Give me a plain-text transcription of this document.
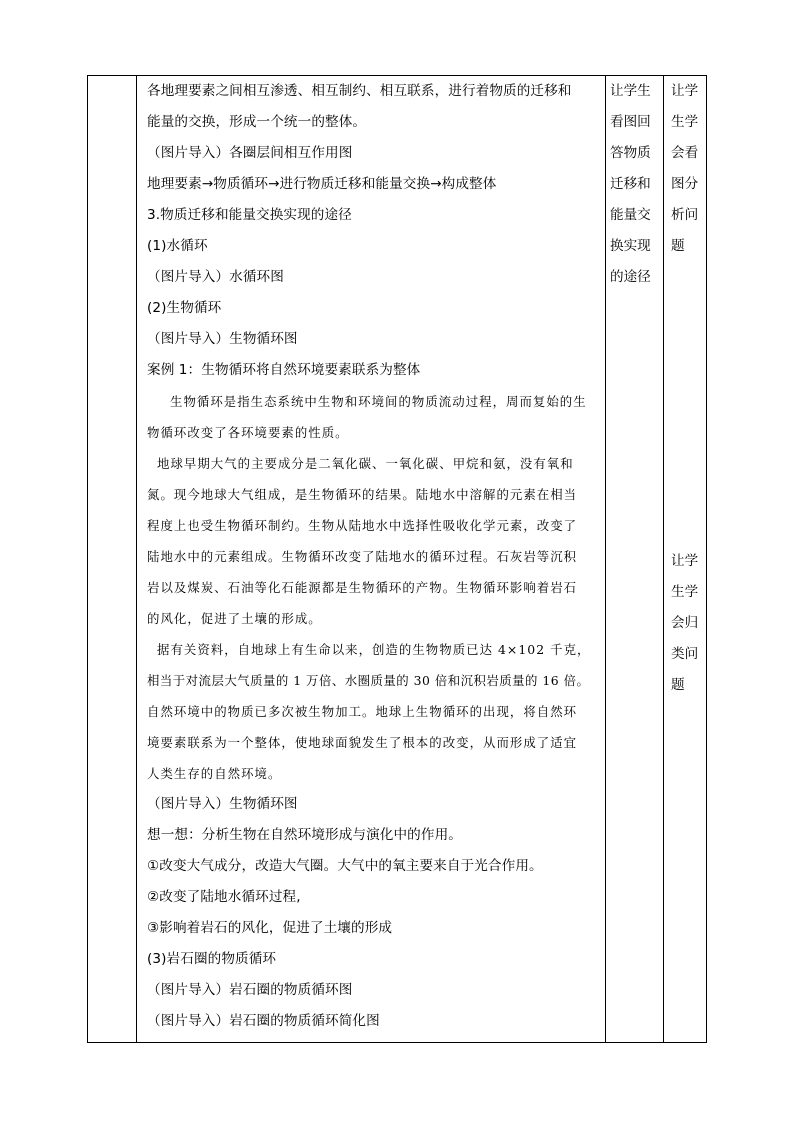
各地理要素之间相互渗透、相互制约、相互联系，进行着物质的迁移和
能量的交换，形成一个统一的整体。
（图片导入）各圈层间相互作用图
地理要素→物质循环→进行物质迁移和能量交换→构成整体
3.物质迁移和能量交换实现的途径
(1)水循环
（图片导入）水循环图
(2)生物循环
（图片导入）生物循环图
案例 1：生物循环将自然环境要素联系为整体
生物循环是指生态系统中生物和环境间的物质流动过程，周而复始的生
物循环改变了各环境要素的性质。
地球早期大气的主要成分是二氧化碳、一氧化碳、甲烷和氨，没有氧和
氮。现今地球大气组成，是生物循环的结果。陆地水中溶解的元素在相当
程度上也受生物循环制约。生物从陆地水中选择性吸收化学元素，改变了
陆地水中的元素组成。生物循环改变了陆地水的循环过程。石灰岩等沉积
岩以及煤炭、石油等化石能源都是生物循环的产物。生物循环影响着岩石
的风化，促进了土壤的形成。
据有关资料，自地球上有生命以来，创造的生物物质已达 4×102 千克，
相当于对流层大气质量的 1 万倍、水圈质量的 30 倍和沉积岩质量的 16 倍。
自然环境中的物质已多次被生物加工。地球上生物循环的出现，将自然环
境要素联系为一个整体，使地球面貌发生了根本的改变，从而形成了适宜
人类生存的自然环境。
（图片导入）生物循环图
想一想：分析生物在自然环境形成与演化中的作用。
①改变大气成分，改造大气圈。大气中的氧主要来自于光合作用。
②改变了陆地水循环过程,
③影响着岩石的风化，促进了土壤的形成
(3)岩石圈的物质循环
（图片导入）岩石圈的物质循环图
（图片导入）岩石圈的物质循环简化图
让学生
看图回
答物质
迁移和
能量交
换实现
的途径
让学
生学
会看
图分
析问
题
让学
生学
会归
类问
题
